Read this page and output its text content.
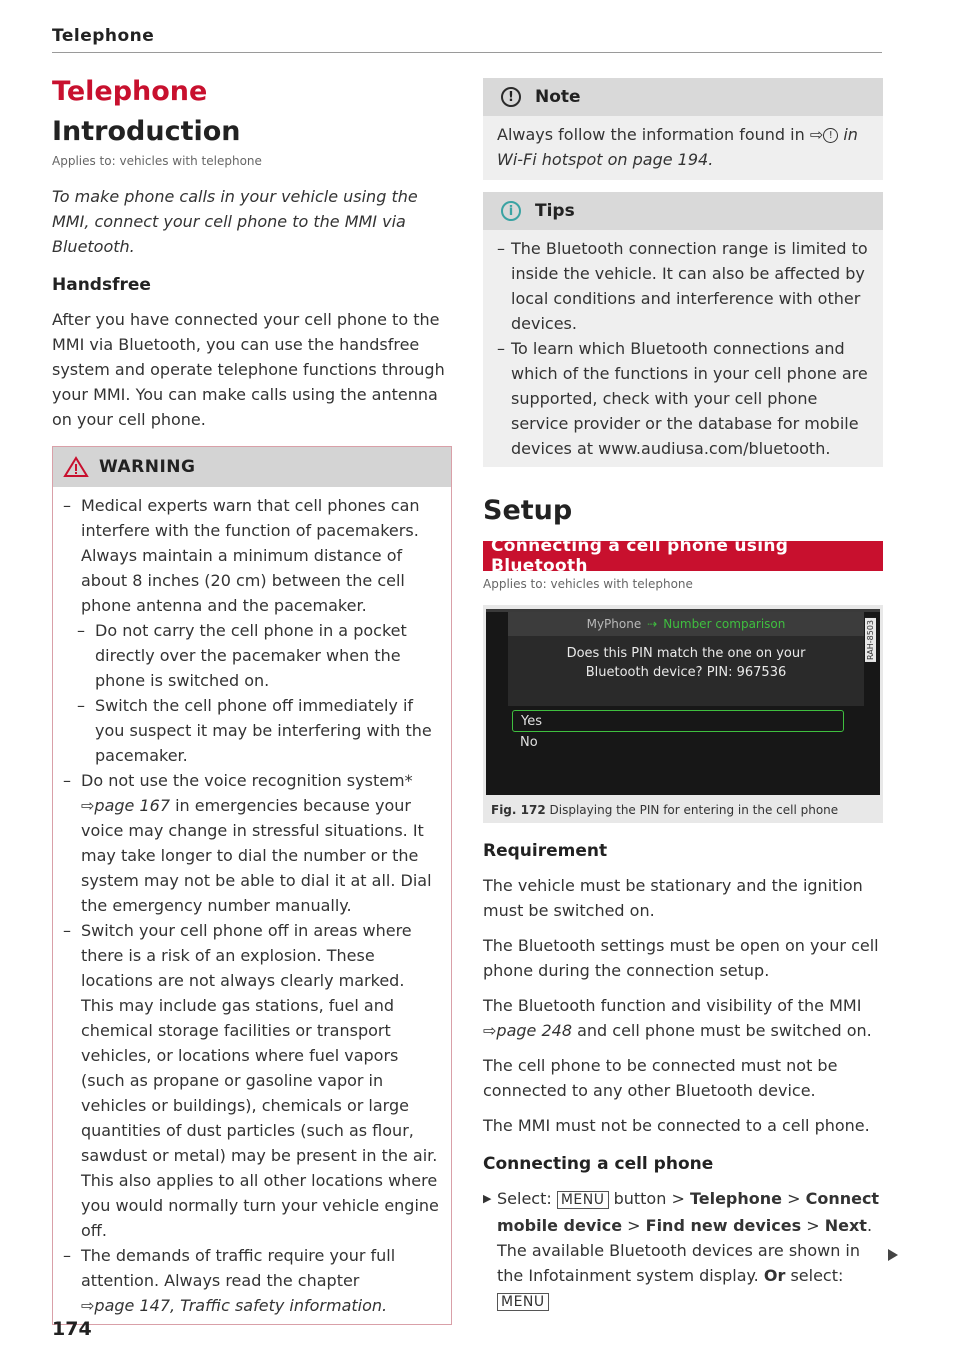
Telephone
Telephone
Introduction
Applies to: vehicles with telephone
To make phone calls in your vehicle using the MMI, connect your cell phone to the MMI via Bluetooth.
Handsfree
After you have connected your cell phone to the MMI via Bluetooth, you can use the handsfree system and operate telephone functions through your MMI. You can make calls using the antenna on your cell phone.
WARNING
– Medical experts warn that cell phones can interfere with the function of pacemakers. Always maintain a minimum distance of about 8 inches (20 cm) between the cell phone antenna and the pacemaker.
– Do not carry the cell phone in a pocket directly over the pacemaker when the phone is switched on.
– Switch the cell phone off immediately if you suspect it may be interfering with the pacemaker.
– Do not use the voice recognition system*
⇨page 167 in emergencies because your voice may change in stressful situations. It may take longer to dial the number or the system may not be able to dial it at all. Dial the emergency number manually.
– Switch your cell phone off in areas where there is a risk of an explosion. These locations are not always clearly marked. This may include gas stations, fuel and chemical storage facilities or transport vehicles, or locations where fuel vapors (such as propane or gasoline vapor in vehicles or buildings), chemicals or large quantities of dust particles (such as flour, sawdust or metal) may be present in the air. This also applies to all other locations where you would normally turn your vehicle engine off.
– The demands of traffic require your full attention. Always read the chapter
⇨page 147, Traffic safety information.
!	Note
Always follow the information found in ⇨ ! in Wi-Fi hotspot on page 194.
i	Tips
– The Bluetooth connection range is limited to inside the vehicle. It can also be affected by local conditions and interference with other devices.
– To learn which Bluetooth connections and which of the functions in your cell phone are supported, check with your cell phone service provider or the database for mobile devices at www.audiusa.com/bluetooth.
Setup
Connecting a cell phone using Bluetooth
Applies to: vehicles with telephone
MyPhone ⇢ Number comparison
Does this PIN match the one on your
Bluetooth device? PIN: 967536
Yes
No
RAH-8503
Fig. 172 Displaying the PIN for entering in the cell phone
Requirement
The vehicle must be stationary and the ignition must be switched on.
The Bluetooth settings must be open on your cell phone during the connection setup.
The Bluetooth function and visibility of the MMI ⇨page 248 and cell phone must be switched on.
The cell phone to be connected must not be connected to any other Bluetooth device.
The MMI must not be connected to a cell phone.
Connecting a cell phone
▶ Select: MENU button > Telephone > Connect mobile device > Find new devices > Next. The available Bluetooth devices are shown in the Infotainment system display. Or select: MENU
174
